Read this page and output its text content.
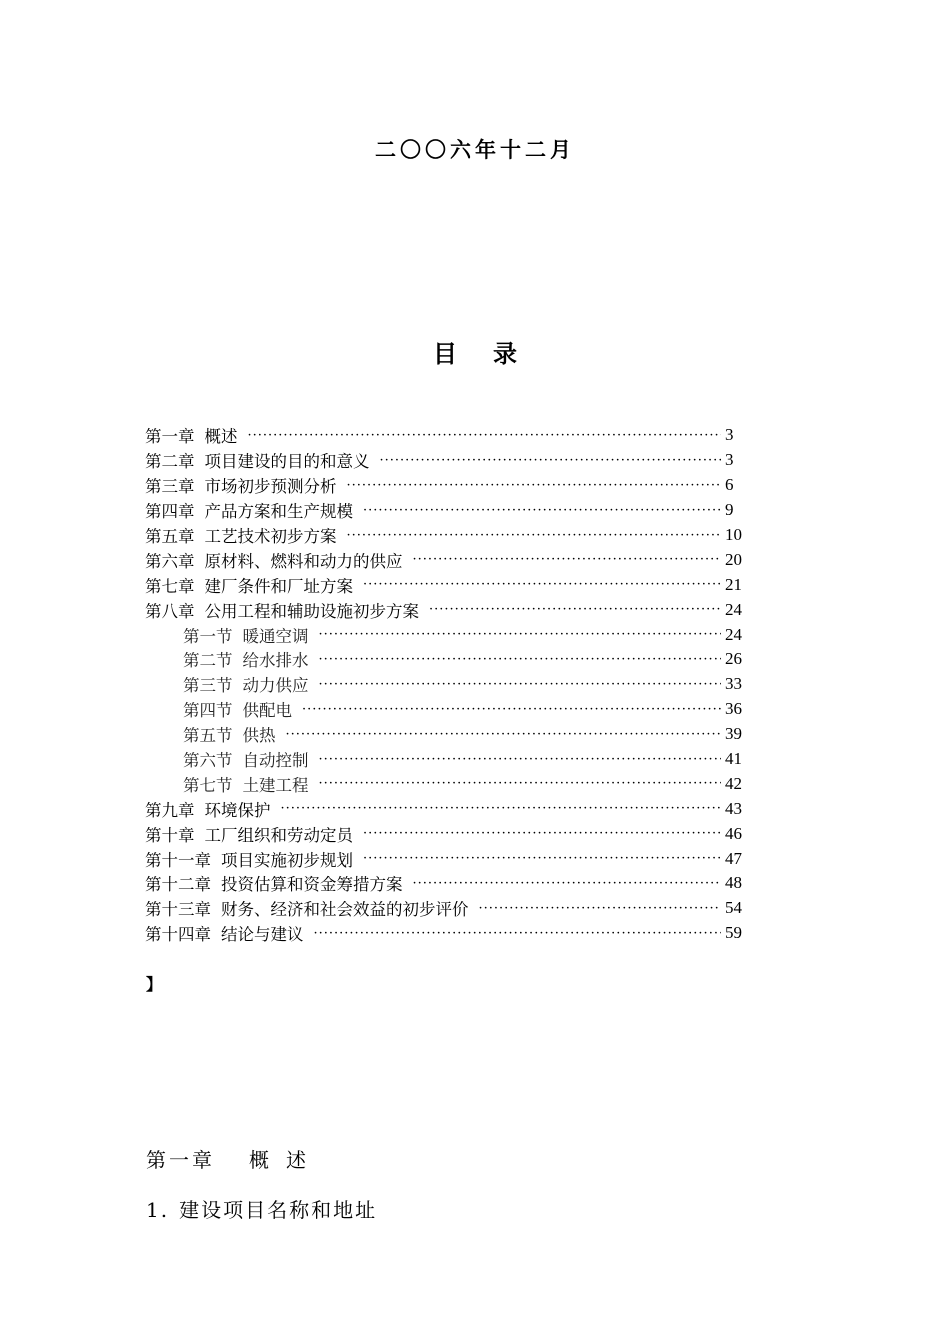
二〇〇六年十二月
目 录
第一章 概述 ·····	3
第二章 项目建设的目的和意义 ·····	3
第三章 市场初步预测分析 ·····	6
第四章 产品方案和生产规模 ·····	9
第五章 工艺技术初步方案 ·····	10
第六章 原材料、燃料和动力的供应 ·····	20
第七章 建厂条件和厂址方案 ·····	21
第八章 公用工程和辅助设施初步方案 ·····	24
第一节 暖通空调 ·····	24
第二节 给水排水 ·····	26
第三节 动力供应 ·····	33
第四节 供配电 ·····	36
第五节 供热 ·····	39
第六节 自动控制 ·····	41
第七节 土建工程 ·····	42
第九章 环境保护 ·····	43
第十章 工厂组织和劳动定员 ·····	46
第十一章 项目实施初步规划 ·····	47
第十二章 投资估算和资金筹措方案 ·····	48
第十三章 财务、经济和社会效益的初步评价 ·····	54
第十四章 结论与建议 ·····	59
】
第一章 概 述
1. 建设项目名称和地址
